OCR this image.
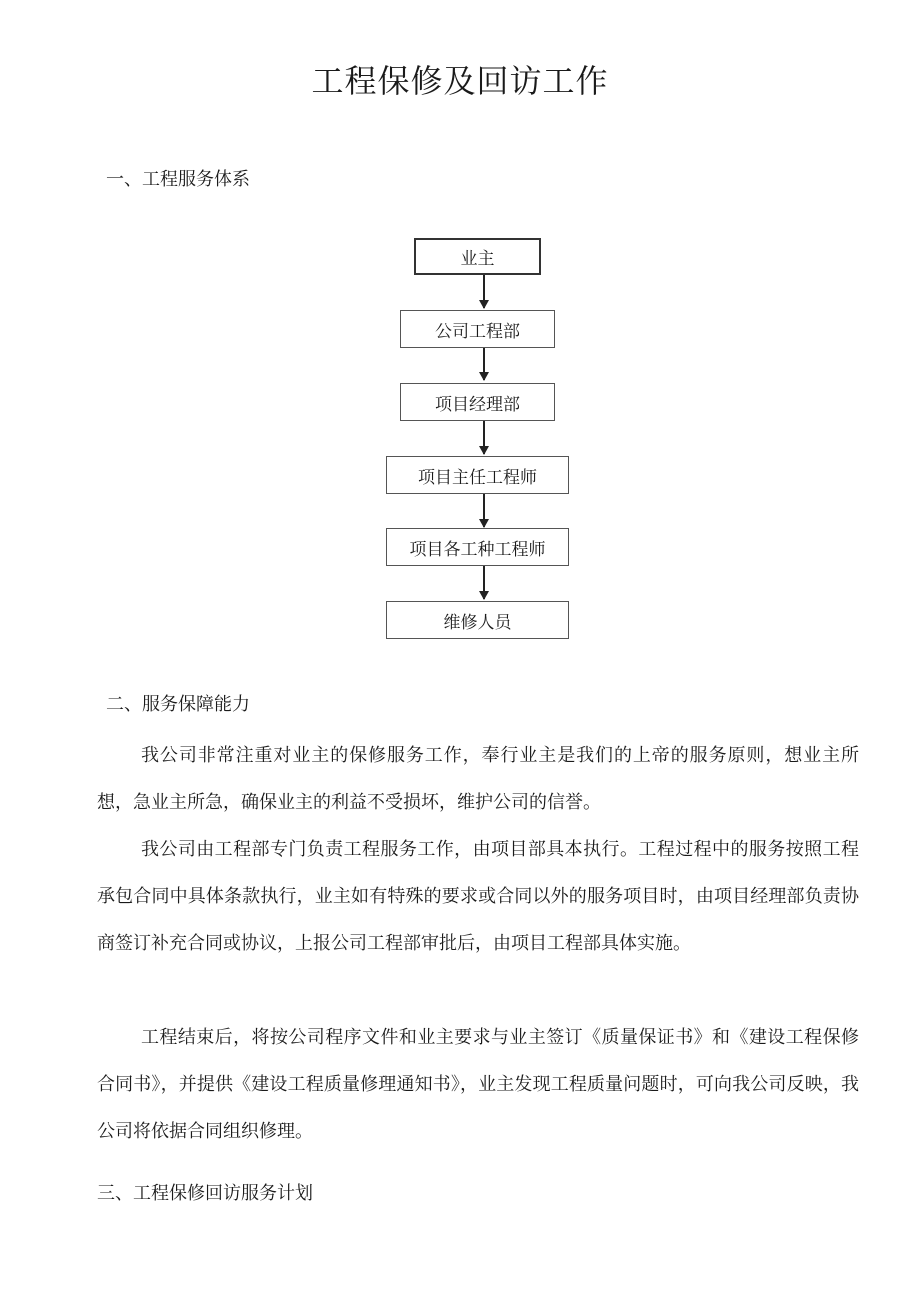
工程保修及回访工作
一、工程服务体系
业主
公司工程部
项目经理部
项目主任工程师
项目各工种工程师
维修人员
二、服务保障能力

我公司非常注重对业主的保修服务工作，奉行业主是我们的上帝的服务原则，想业主所想，急业主所急，确保业主的利益不受损坏，维护公司的信誉。

我公司由工程部专门负责工程服务工作，由项目部具本执行。工程过程中的服务按照工程承包合同中具体条款执行，业主如有特殊的要求或合同以外的服务项目时，由项目经理部负责协商签订补充合同或协议，上报公司工程部审批后，由项目工程部具体实施。

工程结束后，将按公司程序文件和业主要求与业主签订《质量保证书》和《建设工程保修合同书》，并提供《建设工程质量修理通知书》，业主发现工程质量问题时，可向我公司反映，我公司将依据合同组织修理。

三、工程保修回访服务计划
